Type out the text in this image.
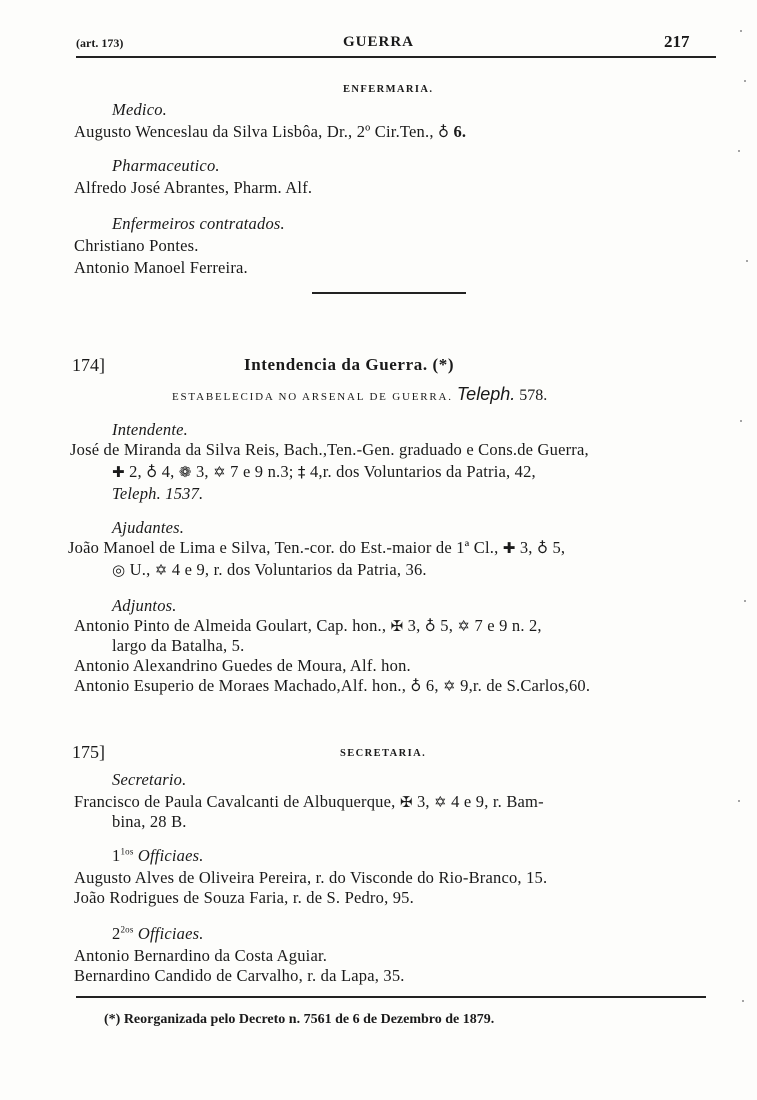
(art. 173)	GUERRA	217
ENFERMARIA.
Medico.
Augusto Wenceslau da Silva Lisbôa, Dr., 2º Cir.Ten., ♁ 6.
Pharmaceutico.
Alfredo José Abrantes, Pharm. Alf.
Enfermeiros contratados.
Christiano Pontes.
Antonio Manoel Ferreira.
174]	Intendencia da Guerra. (*)
ESTABELECIDA NO ARSENAL DE GUERRA. Teleph. 578.
Intendente.
José de Miranda da Silva Reis, Bach.,Ten.-Gen. graduado e Cons.de Guerra,
✚ 2, ♁ 4, ❁ 3, ✡ 7 e 9 n.3; ‡ 4,r. dos Voluntarios da Patria, 42,
Teleph. 1537.
Ajudantes.
João Manoel de Lima e Silva, Ten.-cor. do Est.-maior de 1ª Cl., ✚ 3, ♁ 5,
◎ U., ✡ 4 e 9, r. dos Voluntarios da Patria, 36.
Adjuntos.
Antonio Pinto de Almeida Goulart, Cap. hon., ✠ 3, ♁ 5, ✡ 7 e 9 n. 2,
largo da Batalha, 5.
Antonio Alexandrino Guedes de Moura, Alf. hon.
Antonio Esuperio de Moraes Machado,Alf. hon., ♁ 6, ✡ 9,r. de S.Carlos,60.
175]	SECRETARIA.
Secretario.
Francisco de Paula Cavalcanti de Albuquerque, ✠ 3, ✡ 4 e 9, r. Bam-
bina, 28 B.
$1^{1os}$ Officiaes.
Augusto Alves de Oliveira Pereira, r. do Visconde do Rio-Branco, 15.
João Rodrigues de Souza Faria, r. de S. Pedro, 95.
$2^{2os}$ Officiaes.
Antonio Bernardino da Costa Aguiar.
Bernardino Candido de Carvalho, r. da Lapa, 35.
(*) Reorganizada pelo Decreto n. 7561 de 6 de Dezembro de 1879.
